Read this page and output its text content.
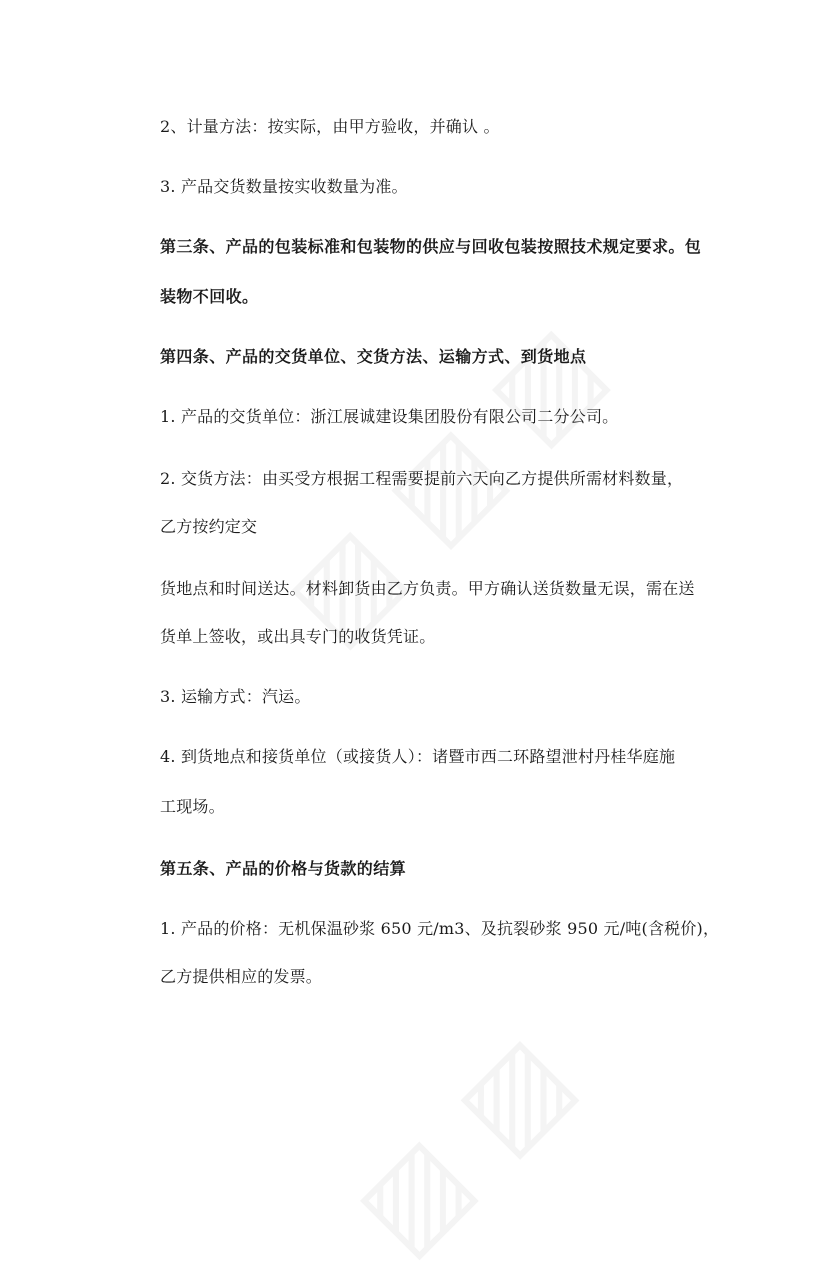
2、计量方法：按实际，由甲方验收，并确认 。
3. 产品交货数量按实收数量为准。
第三条、产品的包装标准和包装物的供应与回收包装按照技术规定要求。包
装物不回收。
第四条、产品的交货单位、交货方法、运输方式、到货地点
1. 产品的交货单位：浙江展诚建设集团股份有限公司二分公司。
2. 交货方法：由买受方根据工程需要提前六天向乙方提供所需材料数量，
乙方按约定交
货地点和时间送达。材料卸货由乙方负责。甲方确认送货数量无误，需在送
货单上签收，或出具专门的收货凭证。
3. 运输方式：汽运。
4. 到货地点和接货单位（或接货人）：诸暨市西二环路望泄村丹桂华庭施
工现场。
第五条、产品的价格与货款的结算
1. 产品的价格：无机保温砂浆 650 元/m3、及抗裂砂浆 950 元/吨(含税价)，
乙方提供相应的发票。
